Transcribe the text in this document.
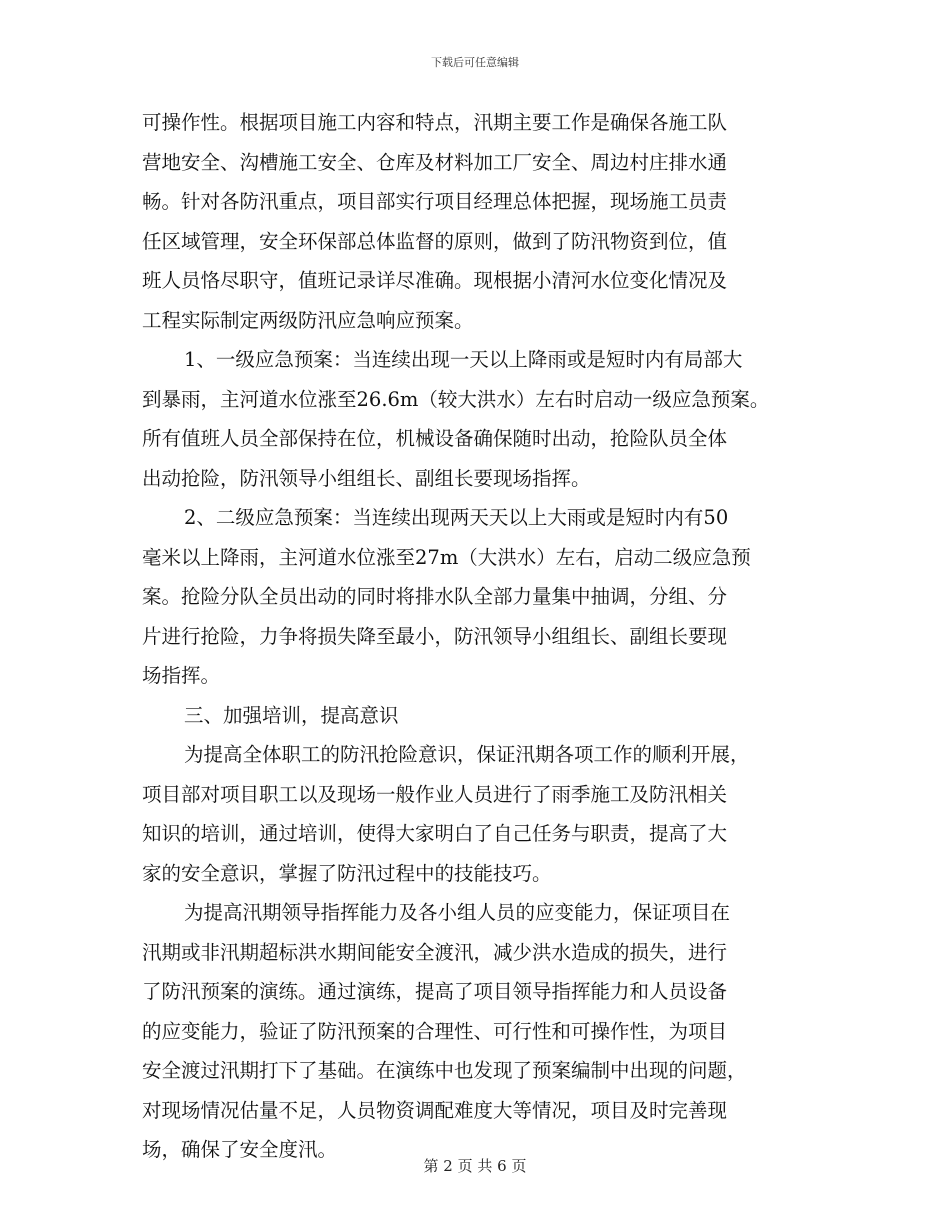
下载后可任意编辑
可操作性。根据项目施工内容和特点，汛期主要工作是确保各施工队
营地安全、沟槽施工安全、仓库及材料加工厂安全、周边村庄排水通
畅。针对各防汛重点，项目部实行项目经理总体把握，现场施工员责
任区域管理，安全环保部总体监督的原则，做到了防汛物资到位，值
班人员恪尽职守，值班记录详尽准确。现根据小清河水位变化情况及
工程实际制定两级防汛应急响应预案。
1、一级应急预案：当连续出现一天以上降雨或是短时内有局部大
到暴雨，主河道水位涨至26.6m（较大洪水）左右时启动一级应急预案。
所有值班人员全部保持在位，机械设备确保随时出动，抢险队员全体
出动抢险，防汛领导小组组长、副组长要现场指挥。
2、二级应急预案：当连续出现两天天以上大雨或是短时内有50
毫米以上降雨，主河道水位涨至27m（大洪水）左右，启动二级应急预
案。抢险分队全员出动的同时将排水队全部力量集中抽调，分组、分
片进行抢险，力争将损失降至最小，防汛领导小组组长、副组长要现
场指挥。
三、加强培训，提高意识
为提高全体职工的防汛抢险意识，保证汛期各项工作的顺利开展，
项目部对项目职工以及现场一般作业人员进行了雨季施工及防汛相关
知识的培训，通过培训，使得大家明白了自己任务与职责，提高了大
家的安全意识，掌握了防汛过程中的技能技巧。
为提高汛期领导指挥能力及各小组人员的应变能力，保证项目在
汛期或非汛期超标洪水期间能安全渡汛，减少洪水造成的损失，进行
了防汛预案的演练。通过演练，提高了项目领导指挥能力和人员设备
的应变能力，验证了防汛预案的合理性、可行性和可操作性，为项目
安全渡过汛期打下了基础。在演练中也发现了预案编制中出现的问题，
对现场情况估量不足，人员物资调配难度大等情况，项目及时完善现
场，确保了安全度汛。
第 2 页 共 6 页
